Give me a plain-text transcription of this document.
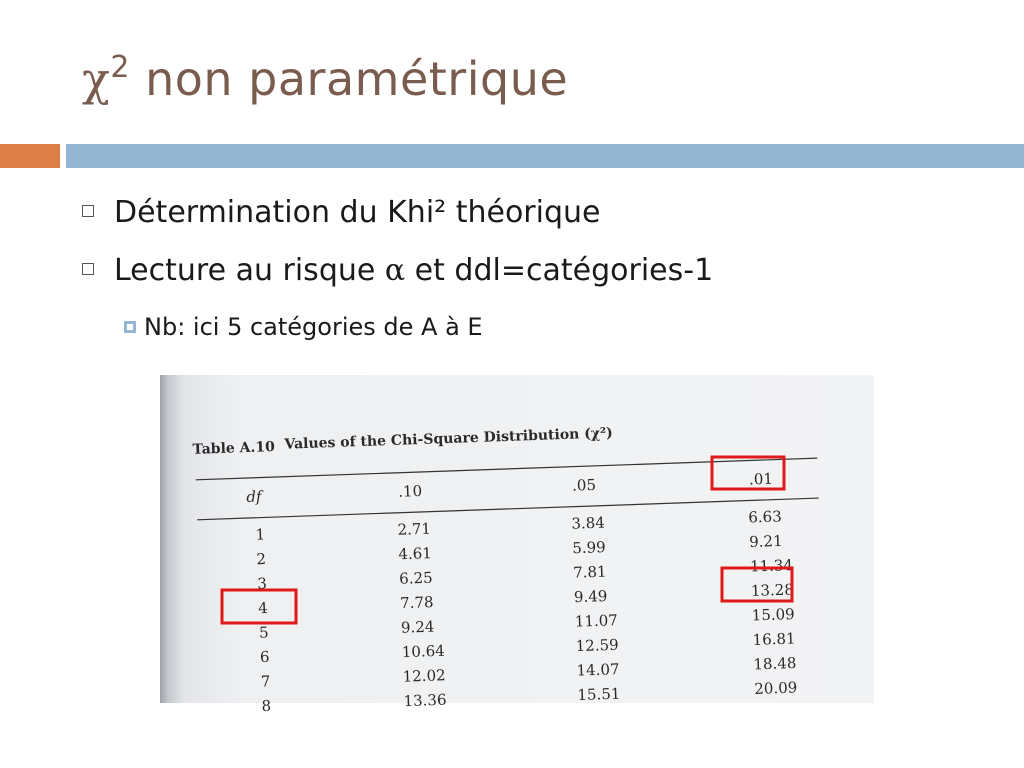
$\chi^2$ non paramétrique
Détermination du Khi² théorique
Lecture au risque α et ddl=catégories-1
Nb: ici 5 catégories de A à E
Table A.10 Values of the Chi-Square Distribution (χ²)
df	.10	.05	.01
1	2.71	3.84	6.63
2	4.61	5.99	9.21
3	6.25	7.81	11.34
4	7.78	9.49	13.28
5	9.24	11.07	15.09
6	10.64	12.59	16.81
7	12.02	14.07	18.48
8	13.36	15.51	20.09
